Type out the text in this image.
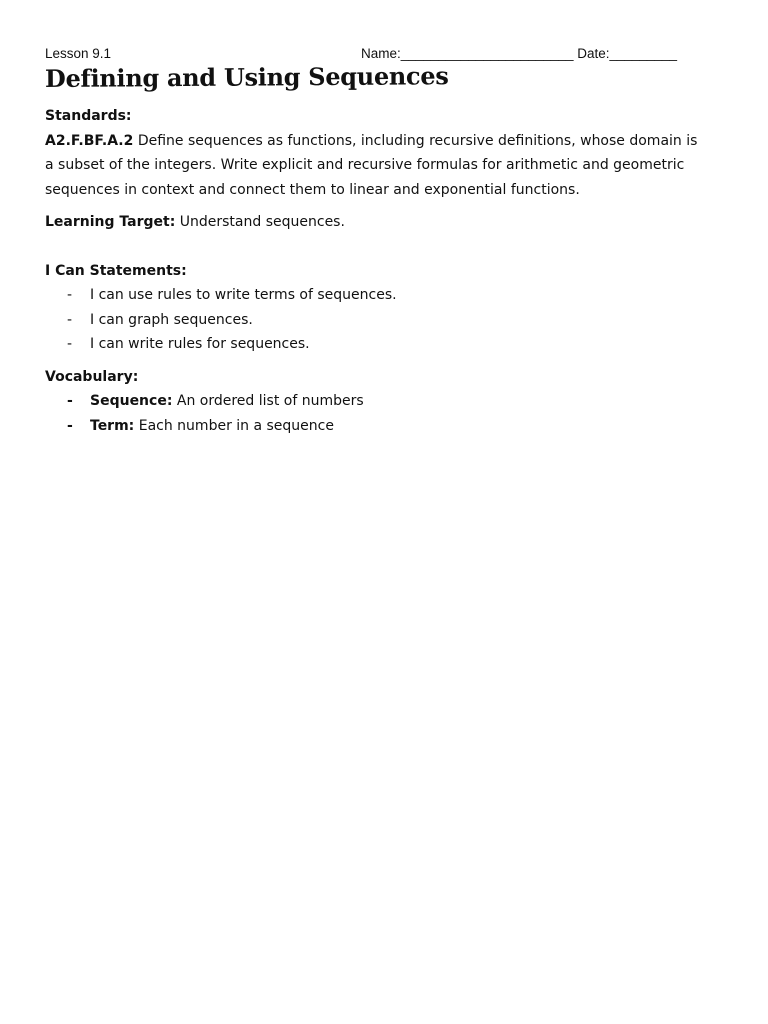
Lesson 9.1	Name:_______________________ Date:_________
Defining and Using Sequences

Standards:

A2.F.BF.A.2 Define sequences as functions, including recursive definitions, whose domain is a subset of the integers. Write explicit and recursive formulas for arithmetic and geometric sequences in context and connect them to linear and exponential functions.

Learning Target: Understand sequences.

I Can Statements:

- I can use rules to write terms of sequences.
- I can graph sequences.
- I can write rules for sequences.

Vocabulary:

- Sequence: An ordered list of numbers
- Term: Each number in a sequence
